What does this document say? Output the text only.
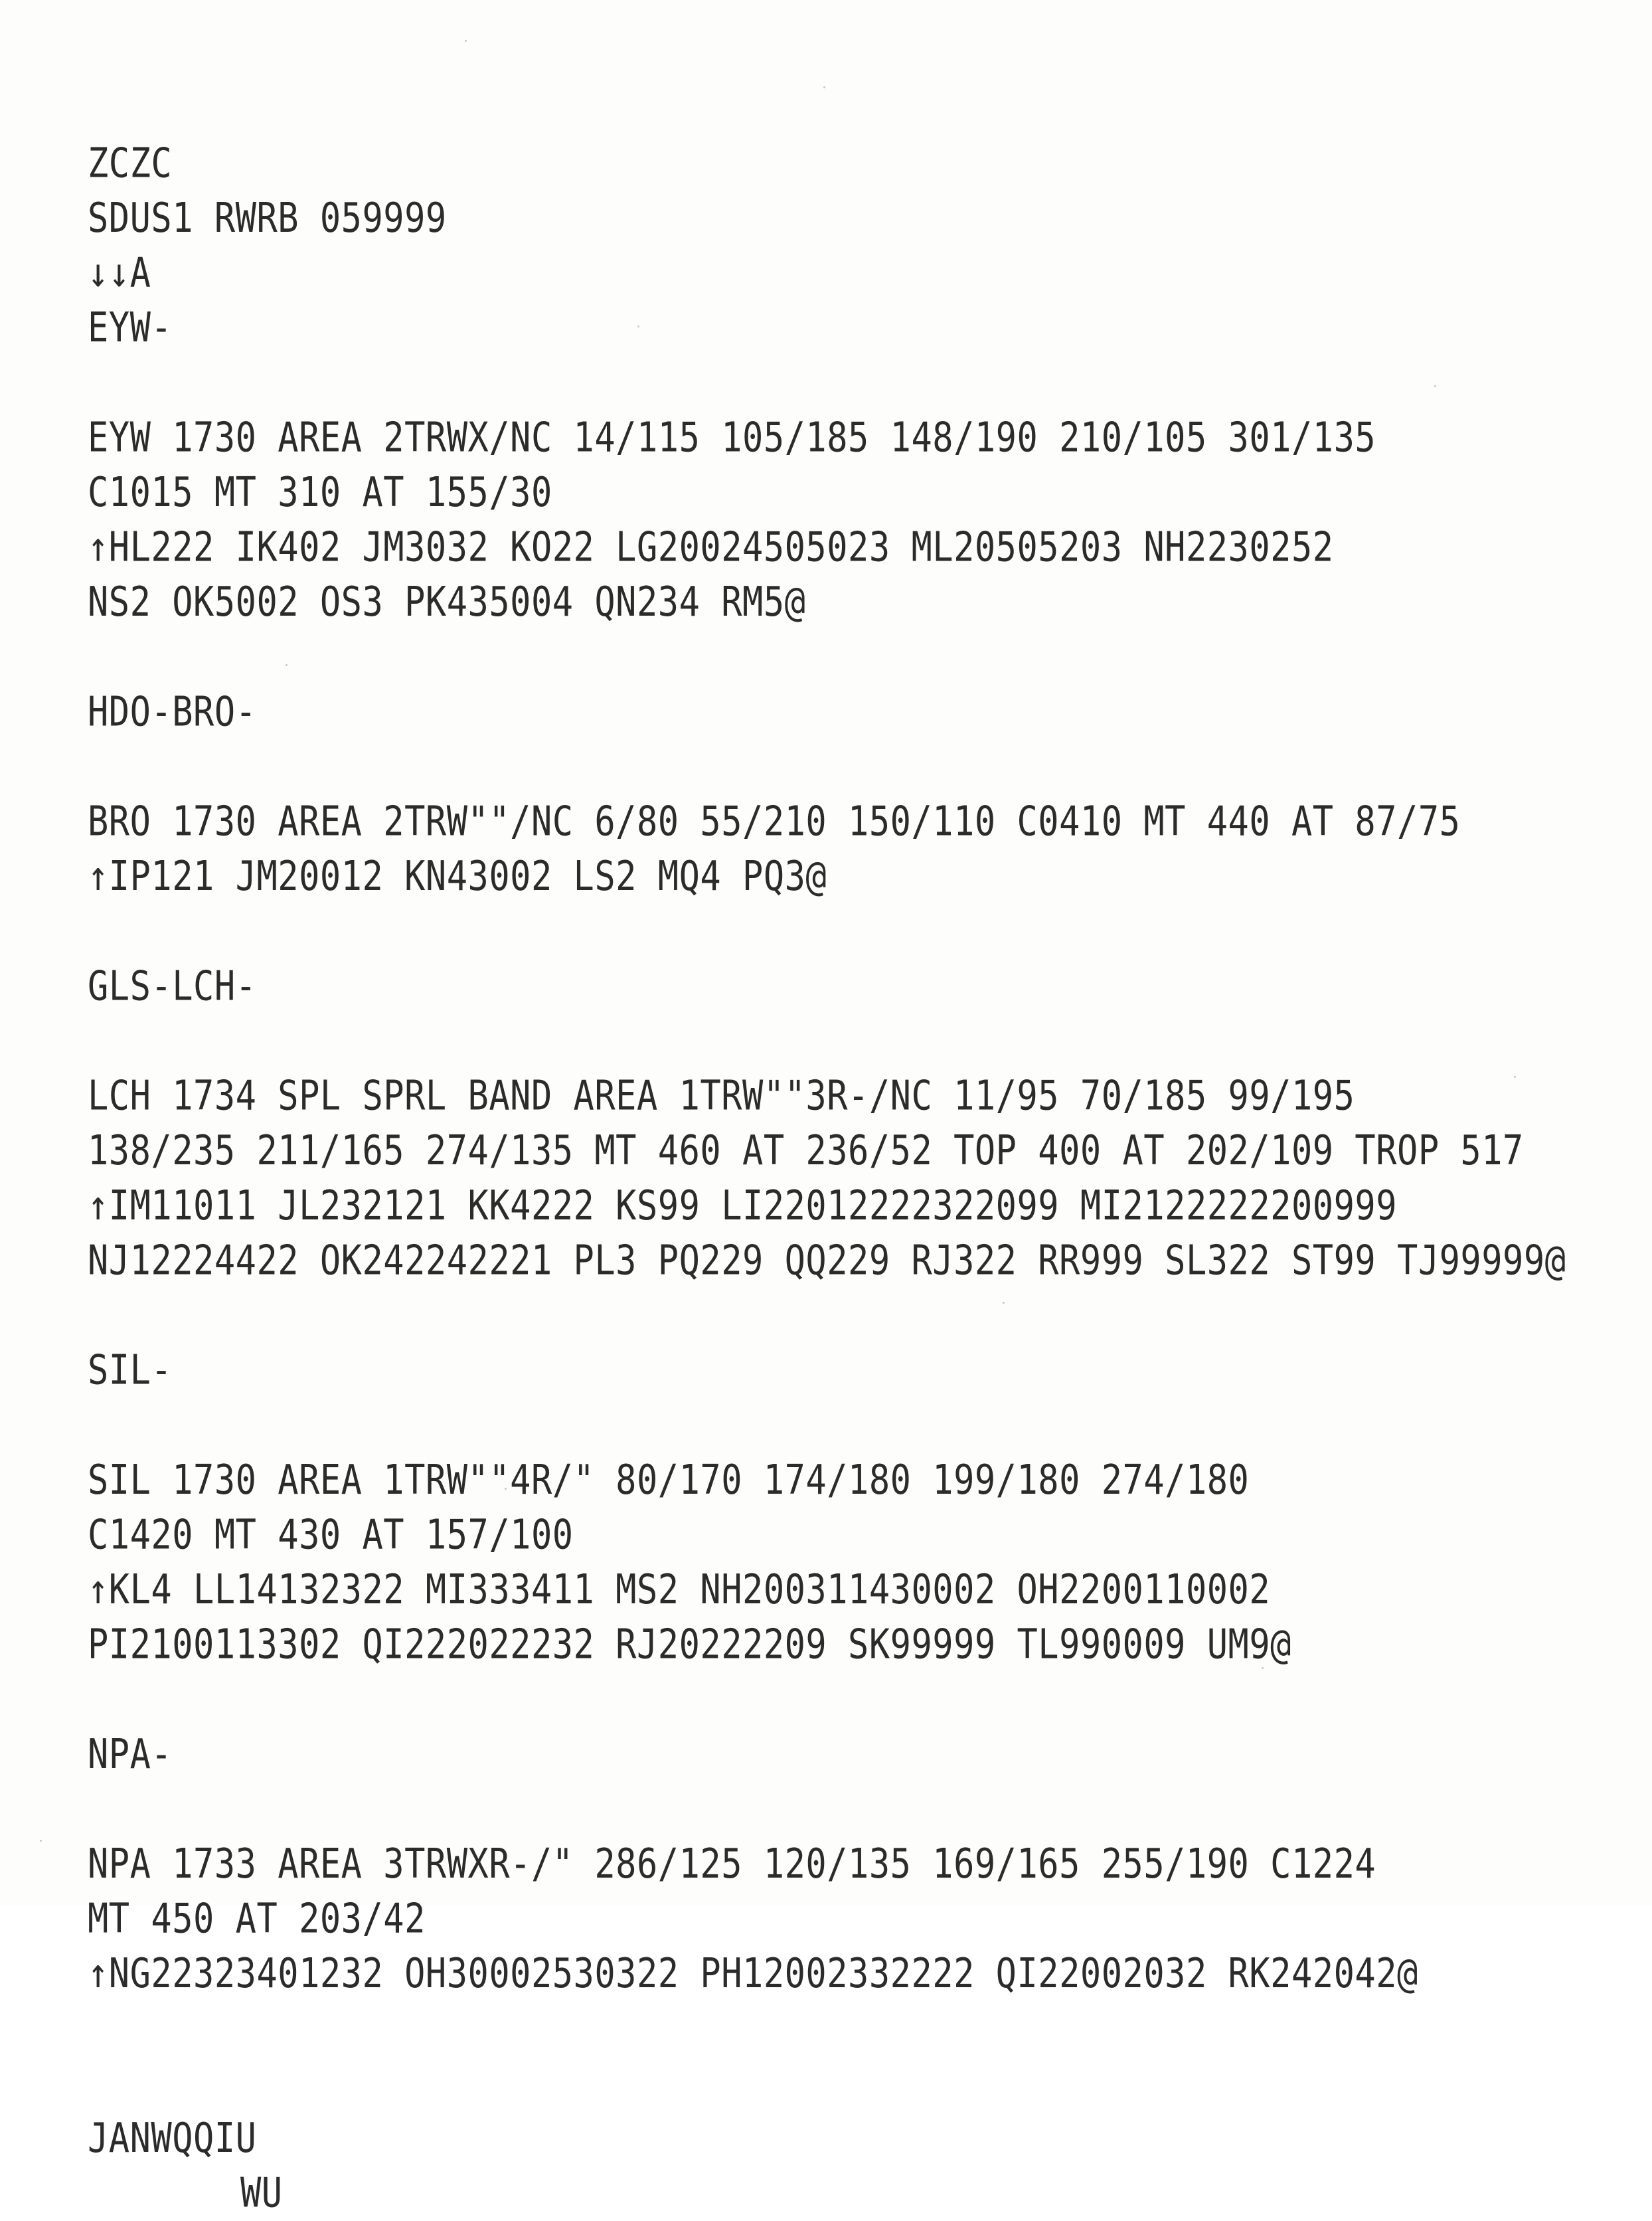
ZCZC
SDUS1 RWRB 059999
↓↓A
EYW-
EYW 1730 AREA 2TRWX/NC 14/115 105/185 148/190 210/105 301/135
C1015 MT 310 AT 155/30
↑HL222 IK402 JM3032 KO22 LG20024505023 ML20505203 NH2230252
NS2 OK5002 OS3 PK435004 QN234 RM5@
HDO-BRO-
BRO 1730 AREA 2TRW""/NC 6/80 55/210 150/110 C0410 MT 440 AT 87/75
↑IP121 JM20012 KN43002 LS2 MQ4 PQ3@
GLS-LCH-
LCH 1734 SPL SPRL BAND AREA 1TRW""3R-/NC 11/95 70/185 99/195
138/235 211/165 274/135 MT 460 AT 236/52 TOP 400 AT 202/109 TROP 517
↑IM11011 JL232121 KK4222 KS99 LI22012222322099 MI2122222200999
NJ12224422 OK242242221 PL3 PQ229 QQ229 RJ322 RR999 SL322 ST99 TJ99999@
SIL-
SIL 1730 AREA 1TRW""4R/" 80/170 174/180 199/180 274/180
C1420 MT 430 AT 157/100
↑KL4 LL14132322 MI333411 MS2 NH200311430002 OH2200110002
PI2100113302 QI222022232 RJ20222209 SK99999 TL990009 UM9@
NPA-
NPA 1733 AREA 3TRWXR-/" 286/125 120/135 169/165 255/190 C1224
MT 450 AT 203/42
↑NG22323401232 OH30002530322 PH12002332222 QI22002032 RK242042@
JANWQQIU
WU
